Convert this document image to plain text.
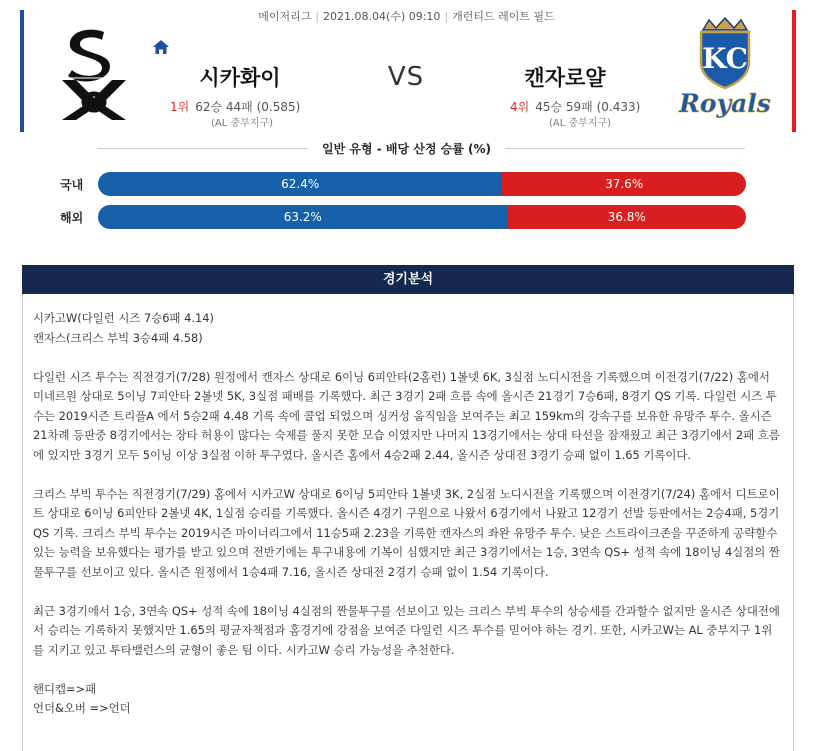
메이저리그 | 2021.08.04(수) 09:10 | 개런티드 레이트 필드
시카화이	VS	캔자로얄
1위 62승 44패 (0.585)
(AL 중부지구)
4위 45승 59패 (0.433)
(AL 중부지구)
KC
Royals
일반 유형 - 배당 산정 승률 (%)
국내	62.4%	37.6%
해외	63.2%	36.8%
경기분석

시카고W(다일런 시즈 7승6패 4.14)

캔자스(크리스 부빅 3승4패 4.58)

다일런 시즈 투수는 직전경기(7/28) 원정에서 캔자스 상대로 6이닝 6피안타(2홈런) 1볼넷 6K, 3실점 노디시전을 기록했으며 이전경기(7/22) 홈에서 미네르원 상대로 5이닝 7피안타 2볼넷 5K, 3실점 패배를 기록했다. 최근 3경기 2패 흐름 속에 올시즌 21경기 7승6패, 8경기 QS 기록. 다일런 시즈 투수는 2019시즌 트리플A 에서 5승2패 4.48 기록 속에 콜업 되었으며 싱커성 움직임을 보여주는 최고 159km의 강속구를 보유한 유망주 투수. 올시즌 21차례 등판중 8경기에서는 장타 허용이 많다는 숙제를 풀지 못한 모습 이였지만 나머지 13경기에서는 상대 타선을 잠재웠고 최근 3경기에서 2패 흐름에 있지만 3경기 모두 5이닝 이상 3실점 이하 투구였다. 올시즌 홈에서 4승2패 2.44, 올시즌 상대전 3경기 승패 없이 1.65 기록이다.

크리스 부빅 투수는 직전경기(7/29) 홈에서 시카고W 상대로 6이닝 5피안타 1볼넷 3K, 2실점 노디시전을 기록했으며 이전경기(7/24) 홈에서 디트로이트 상대로 6이닝 6피안타 2볼넷 4K, 1실점 승리를 기록했다. 올시즌 4경기 구원으로 나왔서 6경기에서 나왔고 12경기 선발 등판에서는 2승4패, 5경기 QS 기록. 크리스 부빅 투수는 2019시즌 마이너리그에서 11승5패 2.23을 기록한 캔자스의 좌완 유망주 투수. 낮은 스트라이크존을 꾸준하게 공략할수 있는 능력을 보유했다는 평가를 받고 있으며 전반기에는 투구내용에 기복이 심했지만 최근 3경기에서는 1승, 3연속 QS+ 성적 속에 18이닝 4실점의 짠물투구를 선보이고 있다. 올시즌 원정에서 1승4패 7.16, 올시즌 상대전 2경기 승패 없이 1.54 기록이다.

최근 3경기에서 1승, 3연속 QS+ 성적 속에 18이닝 4실점의 짠물투구를 선보이고 있는 크리스 부빅 투수의 상승세를 간과할수 없지만 올시즌 상대전에서 승리는 기록하지 못했지만 1.65의 평균자책점과 홈경기에 강점을 보여준 다일런 시즈 투수를 믿어야 하는 경기. 또한, 시카고W는 AL 중부지구 1위를 지키고 있고 투타밸런스의 균형이 좋은 팀 이다. 시카고W 승리 가능성을 추천한다.

핸디캡=>패

언더&오버 =>언더
